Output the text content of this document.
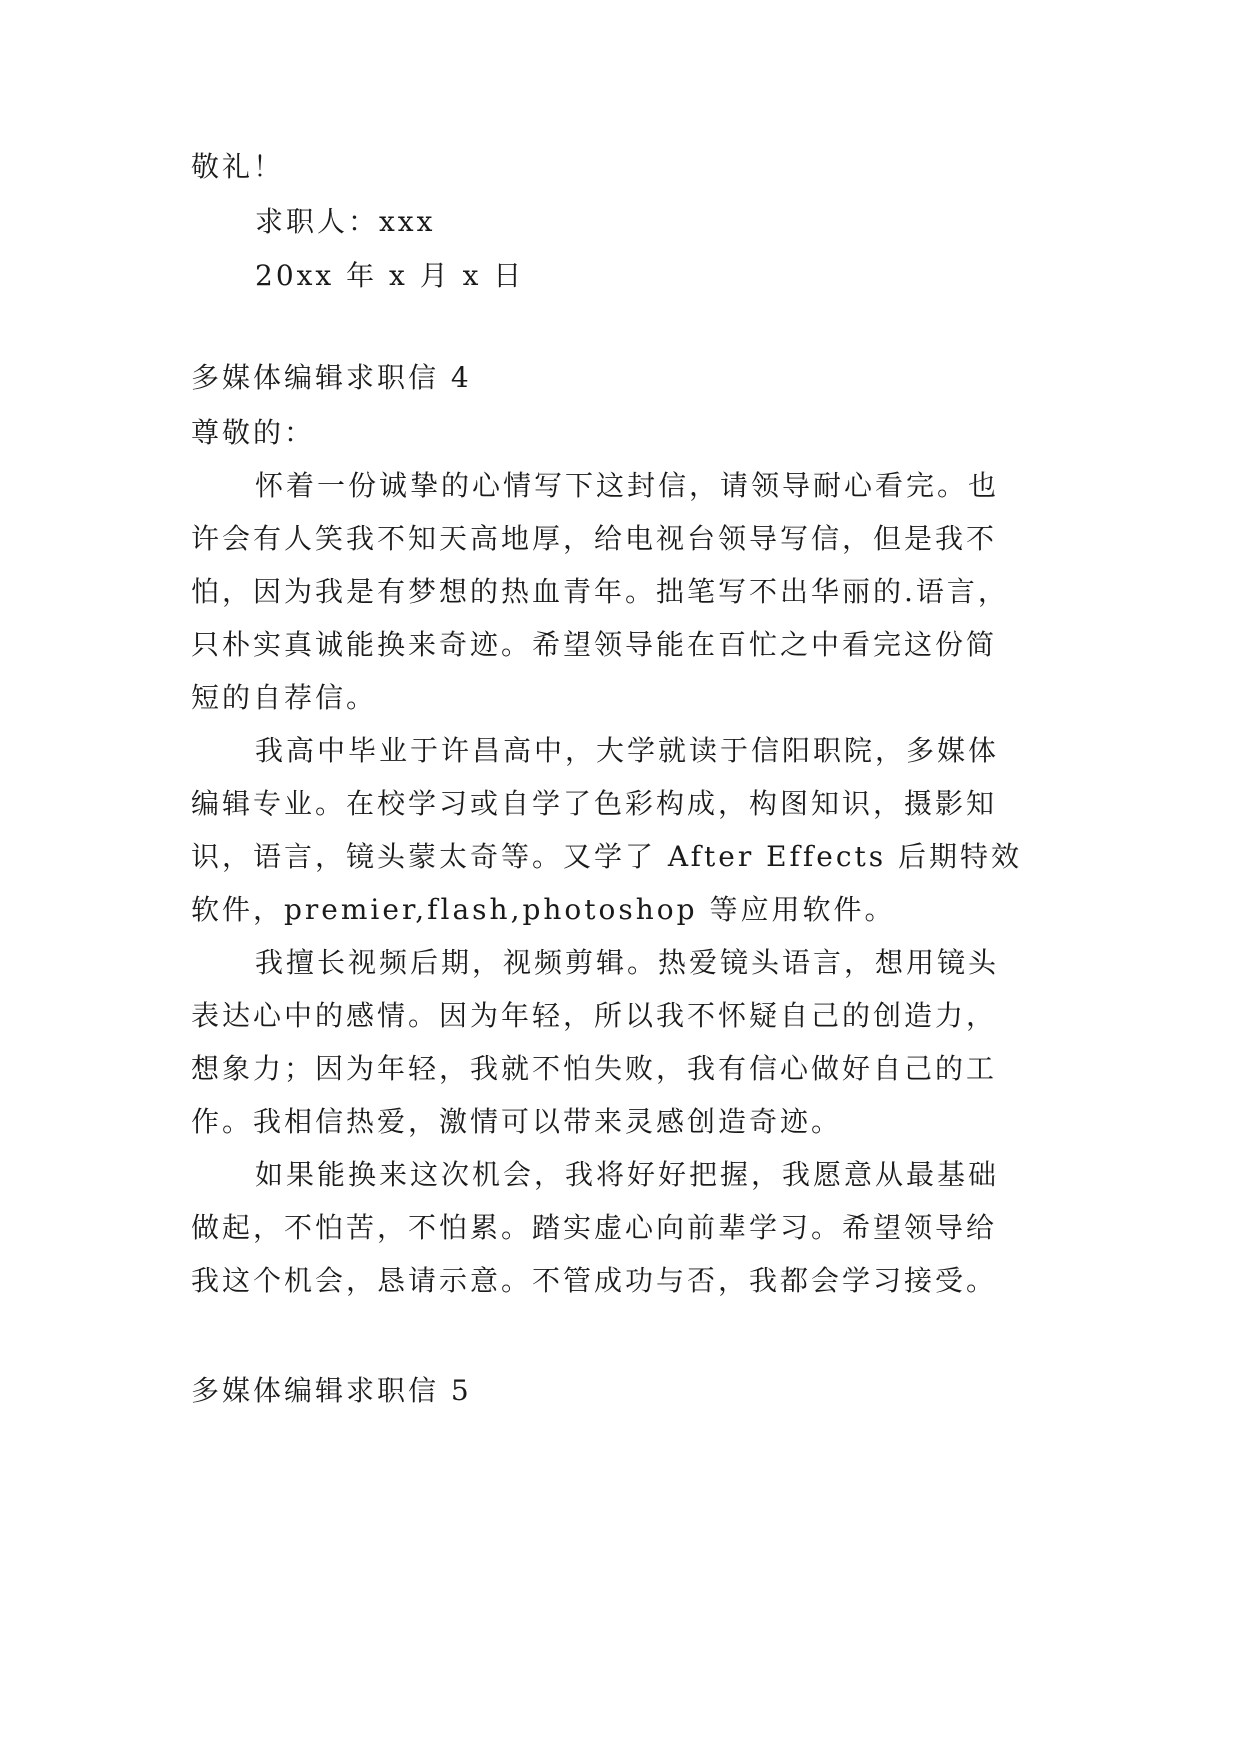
敬礼！
求职人：xxx
20xx 年 x 月 x 日
多媒体编辑求职信 4
尊敬的：
怀着一份诚挚的心情写下这封信，请领导耐心看完。也
许会有人笑我不知天高地厚，给电视台领导写信，但是我不
怕，因为我是有梦想的热血青年。拙笔写不出华丽的.语言，
只朴实真诚能换来奇迹。希望领导能在百忙之中看完这份简
短的自荐信。
我高中毕业于许昌高中，大学就读于信阳职院，多媒体
编辑专业。在校学习或自学了色彩构成，构图知识，摄影知
识，语言，镜头蒙太奇等。又学了 After Effects 后期特效
软件，premier,flash,photoshop 等应用软件。
我擅长视频后期，视频剪辑。热爱镜头语言，想用镜头
表达心中的感情。因为年轻，所以我不怀疑自己的创造力，
想象力；因为年轻，我就不怕失败，我有信心做好自己的工
作。我相信热爱，激情可以带来灵感创造奇迹。
如果能换来这次机会，我将好好把握，我愿意从最基础
做起，不怕苦，不怕累。踏实虚心向前辈学习。希望领导给
我这个机会，恳请示意。不管成功与否，我都会学习接受。
多媒体编辑求职信 5
